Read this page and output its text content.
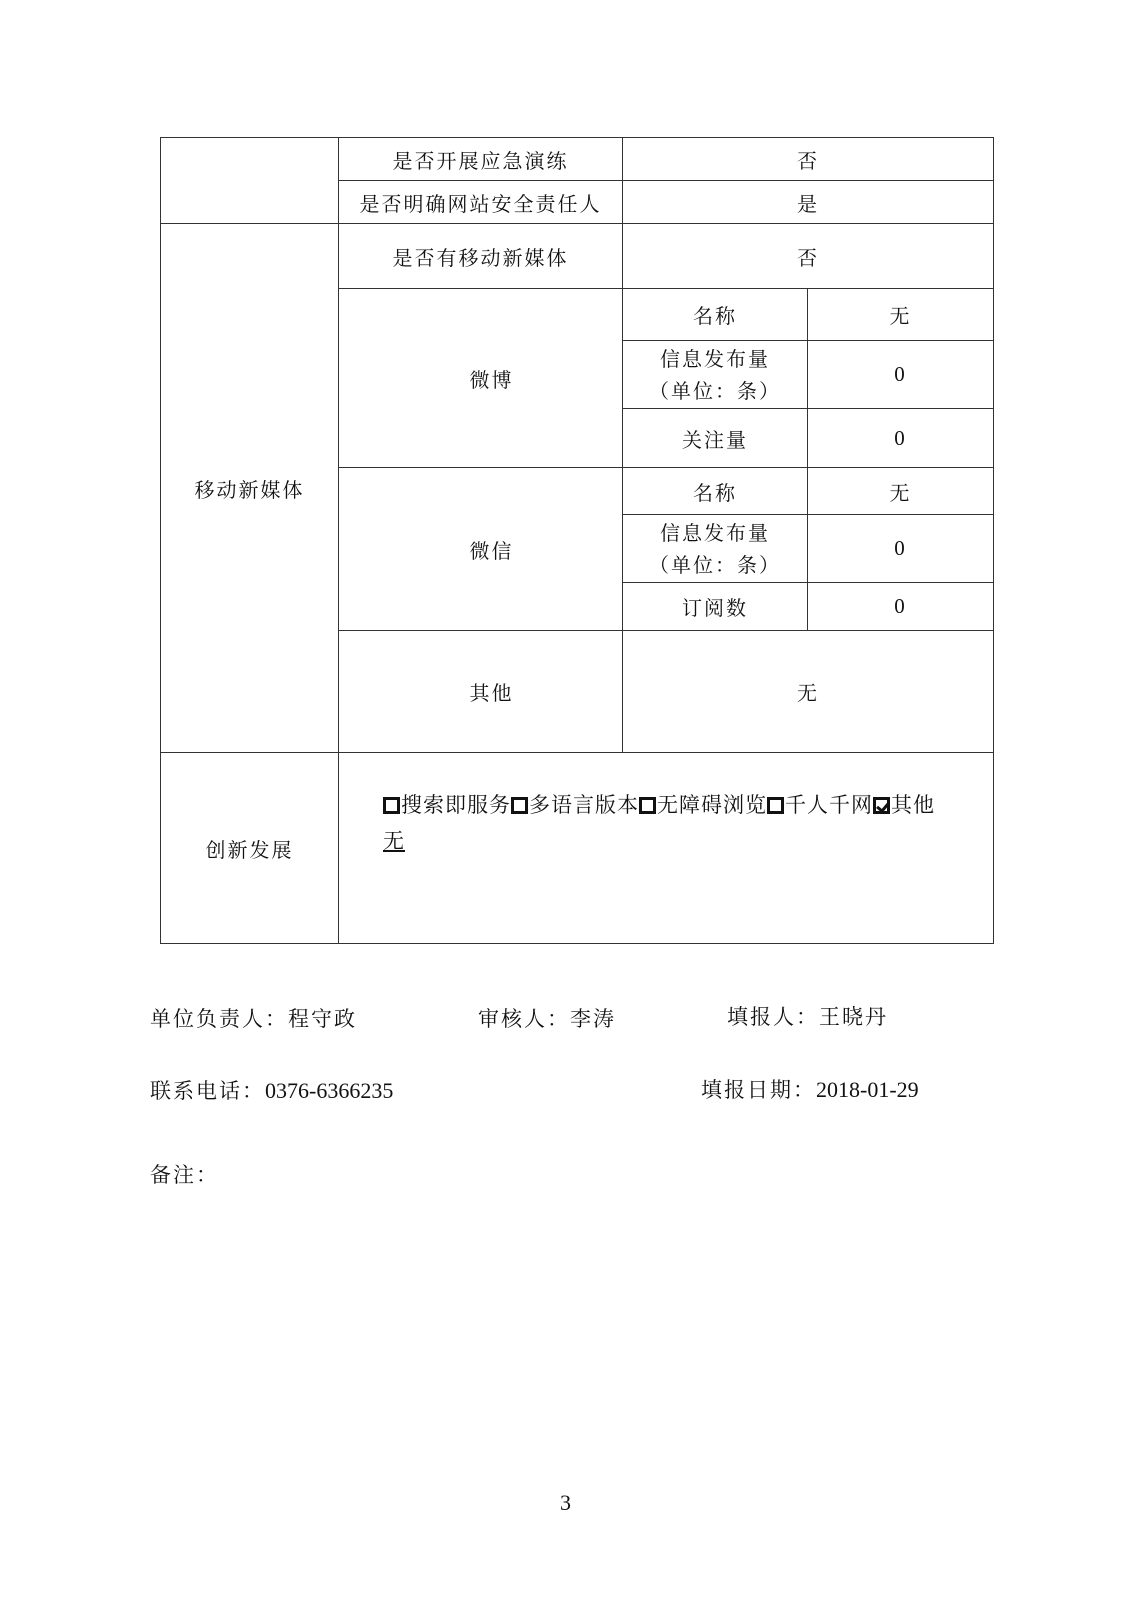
	是否开展应急演练	否	
	是否明确网站安全责任人	是	
移动新媒体	是否有移动新媒体	否	
	微博	名称	无

		信息发布量
（单位：条）	0
		关注量	0
	微信	名称	无

		信息发布量
（单位：条）	0
		订阅数	0
	其他	无	
创新发展	搜索即服务 多语言版本 无障碍浏览 千人千网 其他
无		
单位负责人：程守政	审核人：李涛	填报人：王晓丹
联系电话：0376-6366235	填报日期：2018-01-29
备注：
3
